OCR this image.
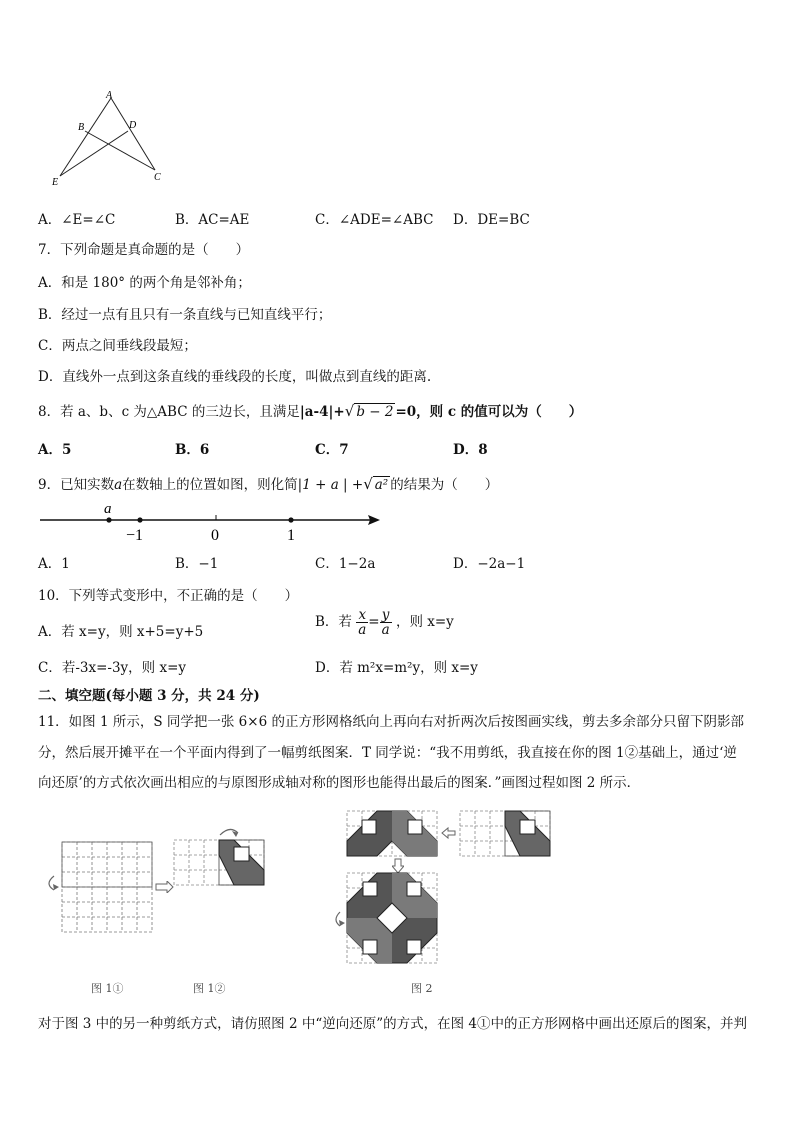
A
B	D
E	C
A．∠E=∠C	B．AC=AE	C．∠ADE=∠ABC D．DE=BC
7．下列命题是真命题的是（　　）
A．和是 180° 的两个角是邻补角；
B．经过一点有且只有一条直线与已知直线平行；
C．两点之间垂线段最短；
D．直线外一点到这条直线的垂线段的长度，叫做点到直线的距离.
8．若 a、b、c 为△ABC 的三边长，且满足|a-4|+√ b − 2 =0，则 c 的值可以为（　　）
A．5	B．6	C．7	D．8
9．已知实数a在数轴上的位置如图，则化简|1 + a | +√ a² 的结果为（　　）
a
−1	0	1
A．1	B．−1	C．1−2a	D．−2a−1
10．下列等式变形中，不正确的是（　　）
A．若 x=y，则 x+5=y+5
B．若 $\frac{x}{a} = \frac{y}{a}$ ，则 x=y
C．若-3x=-3y，则 x=y	D．若 m²x=m²y，则 x=y
二、填空题(每小题 3 分，共 24 分)
11．如图 1 所示，S 同学把一张 6×6 的正方形网格纸向上再向右对折两次后按图画实线，剪去多余部分只留下阴影部
分，然后展开摊平在一个平面内得到了一幅剪纸图案．T 同学说：“我不用剪纸，我直接在你的图 1②基础上，通过‘逆
向还原’的方式依次画出相应的与原图形成轴对称的图形也能得出最后的图案．”画图过程如图 2 所示．
图 1①	图 1②	图 2
对于图 3 中的另一种剪纸方式，请仿照图 2 中“逆向还原”的方式，在图 4①中的正方形网格中画出还原后的图案，并判
